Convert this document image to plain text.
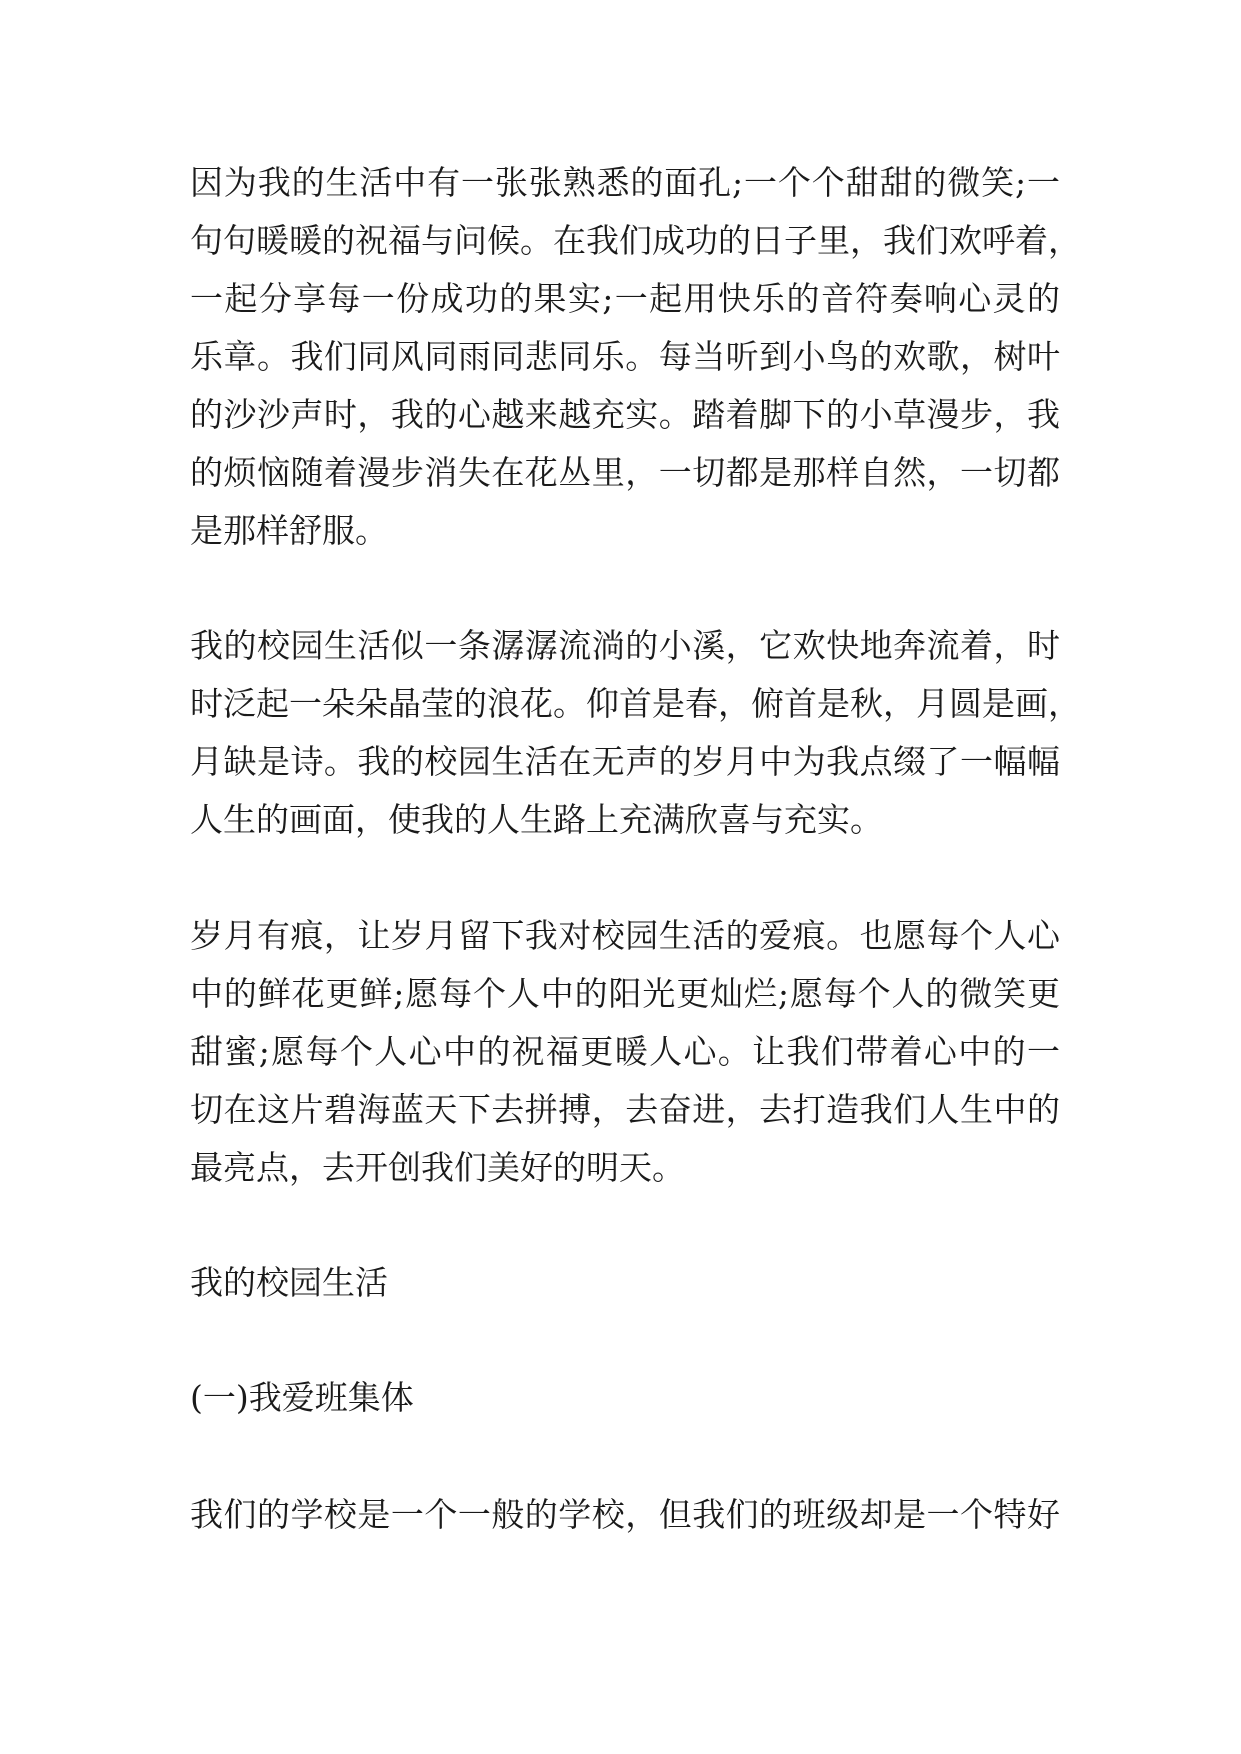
因为我的生活中有一张张熟悉的面孔;一个个甜甜的微笑;一
句句暖暖的祝福与问候。在我们成功的日子里，我们欢呼着，
一起分享每一份成功的果实;一起用快乐的音符奏响心灵的
乐章。我们同风同雨同悲同乐。每当听到小鸟的欢歌，树叶
的沙沙声时，我的心越来越充实。踏着脚下的小草漫步，我
的烦恼随着漫步消失在花丛里，一切都是那样自然，一切都
是那样舒服。
我的校园生活似一条潺潺流淌的小溪，它欢快地奔流着，时
时泛起一朵朵晶莹的浪花。仰首是春，俯首是秋，月圆是画，
月缺是诗。我的校园生活在无声的岁月中为我点缀了一幅幅
人生的画面，使我的人生路上充满欣喜与充实。
岁月有痕，让岁月留下我对校园生活的爱痕。也愿每个人心
中的鲜花更鲜;愿每个人中的阳光更灿烂;愿每个人的微笑更
甜蜜;愿每个人心中的祝福更暖人心。让我们带着心中的一
切在这片碧海蓝天下去拼搏，去奋进，去打造我们人生中的
最亮点，去开创我们美好的明天。
我的校园生活
(一)我爱班集体
我们的学校是一个一般的学校，但我们的班级却是一个特好
